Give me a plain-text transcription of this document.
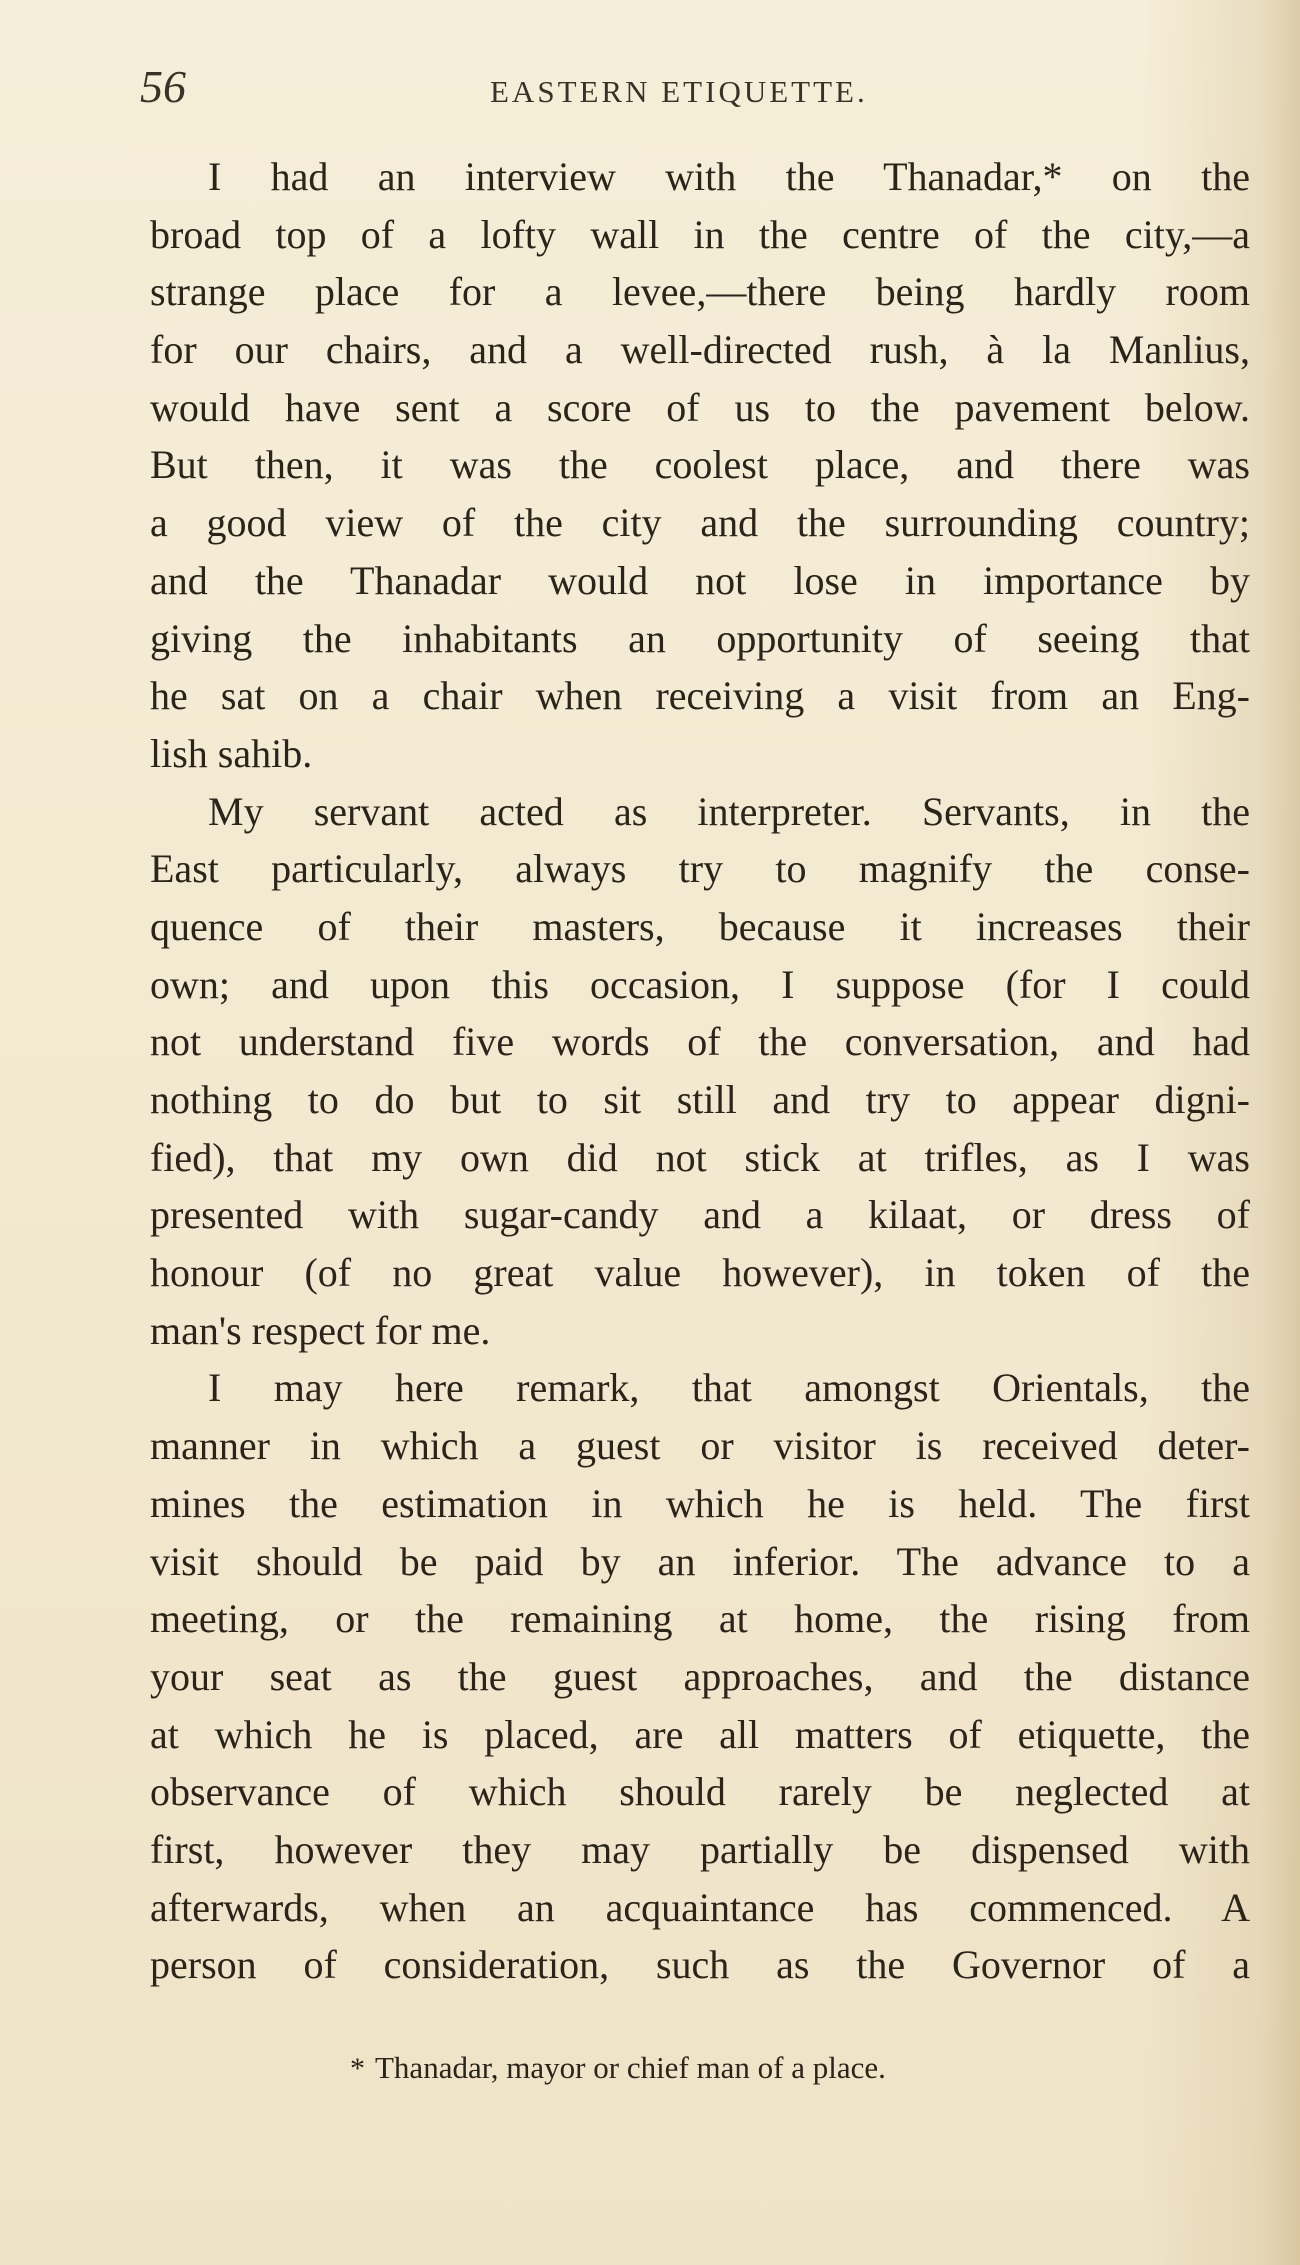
56	EASTERN ETIQUETTE.
I had an interview with the Thanadar,* on the
broad top of a lofty wall in the centre of the city,—a
strange place for a levee,—there being hardly room
for our chairs, and a well-directed rush, à la Manlius,
would have sent a score of us to the pavement below.
But then, it was the coolest place, and there was
a good view of the city and the surrounding country;
and the Thanadar would not lose in importance by
giving the inhabitants an opportunity of seeing that
he sat on a chair when receiving a visit from an Eng-
lish sahib.
My servant acted as interpreter. Servants, in the
East particularly, always try to magnify the conse-
quence of their masters, because it increases their
own; and upon this occasion, I suppose (for I could
not understand five words of the conversation, and had
nothing to do but to sit still and try to appear digni-
fied), that my own did not stick at trifles, as I was
presented with sugar-candy and a kilaat, or dress of
honour (of no great value however), in token of the
man's respect for me.
I may here remark, that amongst Orientals, the
manner in which a guest or visitor is received deter-
mines the estimation in which he is held. The first
visit should be paid by an inferior. The advance to a
meeting, or the remaining at home, the rising from
your seat as the guest approaches, and the distance
at which he is placed, are all matters of etiquette, the
observance of which should rarely be neglected at
first, however they may partially be dispensed with
afterwards, when an acquaintance has commenced. A
person of consideration, such as the Governor of a
* Thanadar, mayor or chief man of a place.
